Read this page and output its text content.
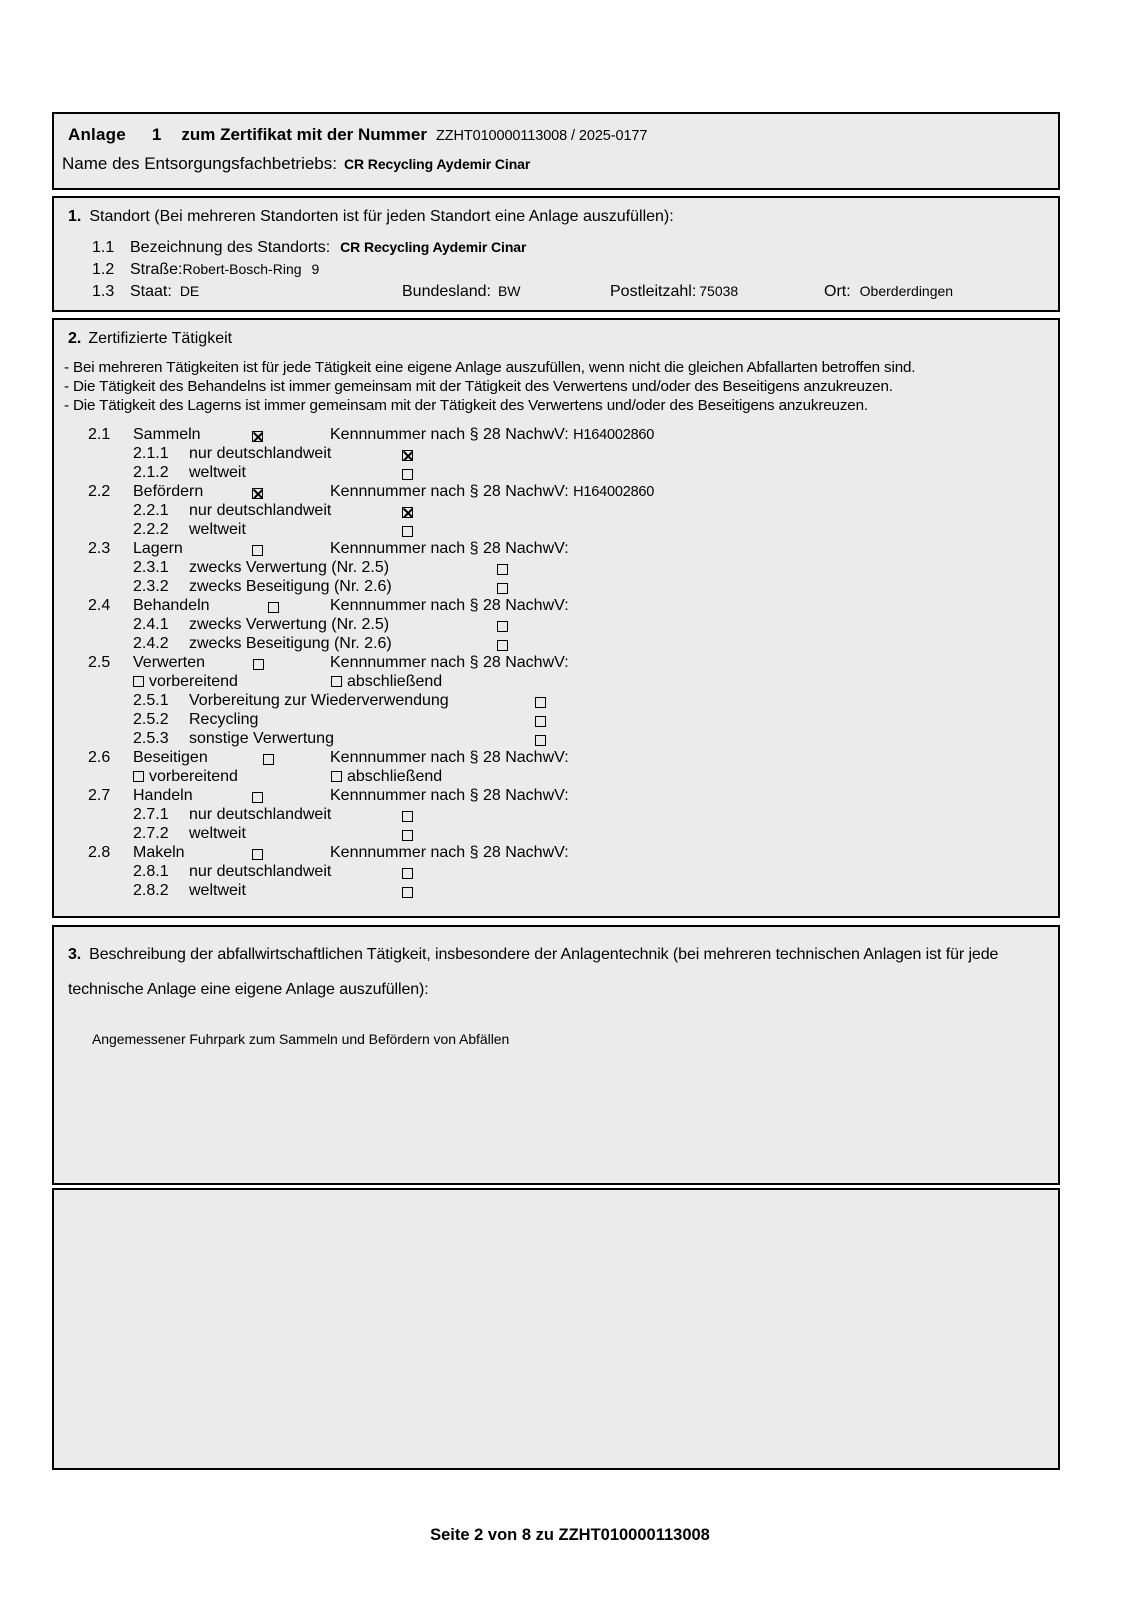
Anlage 1 zum Zertifikat mit der Nummer ZZHT010000113008 / 2025-0177
Name des Entsorgungsfachbetriebs: CR Recycling Aydemir Cinar
1. Standort (Bei mehreren Standorten ist für jeden Standort eine Anlage auszufüllen):
1.1 Bezeichnung des Standorts: CR Recycling Aydemir Cinar
1.2 Straße:Robert-Bosch-Ring 9
1.3 Staat: DE	Bundesland: BW	Postleitzahl: 75038	Ort: Oberderdingen
2. Zertifizierte Tätigkeit
- Bei mehreren Tätigkeiten ist für jede Tätigkeit eine eigene Anlage auszufüllen, wenn nicht die gleichen Abfallarten betroffen sind.
- Die Tätigkeit des Behandelns ist immer gemeinsam mit der Tätigkeit des Verwertens und/oder des Beseitigens anzukreuzen.
- Die Tätigkeit des Lagerns ist immer gemeinsam mit der Tätigkeit des Verwertens und/oder des Beseitigens anzukreuzen.
2.1 Sammeln	Kennnummer nach § 28 NachwV: H164002860
2.1.1 nur deutschlandweit
2.1.2 weltweit
2.2 Befördern	Kennnummer nach § 28 NachwV: H164002860
2.2.1 nur deutschlandweit
2.2.2 weltweit
2.3 Lagern	Kennnummer nach § 28 NachwV:
2.3.1 zwecks Verwertung (Nr. 2.5)
2.3.2 zwecks Beseitigung (Nr. 2.6)
2.4 Behandeln	Kennnummer nach § 28 NachwV:
2.4.1 zwecks Verwertung (Nr. 2.5)
2.4.2 zwecks Beseitigung (Nr. 2.6)
2.5 Verwerten	Kennnummer nach § 28 NachwV:
vorbereitend	abschließend
2.5.1 Vorbereitung zur Wiederverwendung
2.5.2 Recycling
2.5.3 sonstige Verwertung
2.6 Beseitigen	Kennnummer nach § 28 NachwV:
vorbereitend	abschließend
2.7 Handeln	Kennnummer nach § 28 NachwV:
2.7.1 nur deutschlandweit
2.7.2 weltweit
2.8 Makeln	Kennnummer nach § 28 NachwV:
2.8.1 nur deutschlandweit
2.8.2 weltweit
3. Beschreibung der abfallwirtschaftlichen Tätigkeit, insbesondere der Anlagentechnik (bei mehreren technischen Anlagen ist für jede technische Anlage eine eigene Anlage auszufüllen):
Angemessener Fuhrpark zum Sammeln und Befördern von Abfällen
Seite 2 von 8 zu ZZHT010000113008
